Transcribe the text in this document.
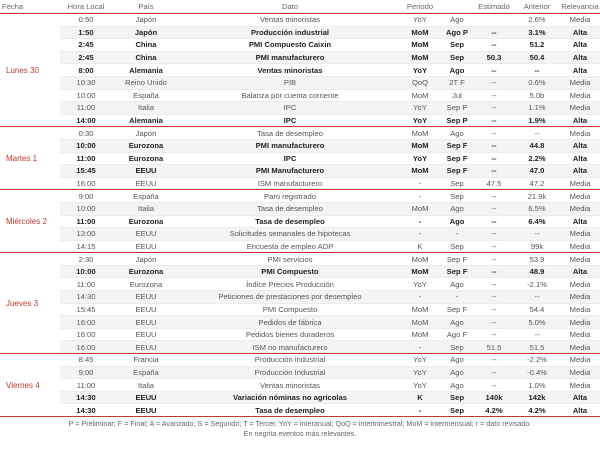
Fecha	Hora Local	País	Dato	Periodo		Estimado	Anterior	Relevancia
Lunes 30	0:50	Japón	Ventas minoristas	YoY	Ago		2.6%	Media
	1:50	Japón	Producción industrial	MoM	Ago P	--	3.1%	Alta
	2:45	China	PMI Compuesto Caixin	MoM	Sep	--	51.2	Alta
	2:45	China	PMI manufacturero	MoM	Sep	50.3	50.4	Alta
	8:00	Alemania	Ventas minoristas	YoY	Ago	--	--	Alta
	10:30	Reino Unido	PIB	QoQ	2T F	--	0.6%	Media
	10:00	España	Balanza por cuenta corriente	MoM	Jul	--	5.0b	Media
	11:00	Italia	IPC	YoY	Sep P	--	1.1%	Media
	14:00	Alemania	IPC	YoY	Sep P	--	1.9%	Alta
Martes 1	0:30	Japón	Tasa de desempleo	MoM	Ago	--	--	Media
	10:00	Eurozona	PMI manufacturero	MoM	Sep F	--	44.8	Alta
	11:00	Eurozona	IPC	YoY	Sep F	--	2.2%	Alta
	15:45	EEUU	PMI Manufacturero	MoM	Sep F	--	47.0	Alta
	16:00	EEUU	ISM manufacturero	-	Sep	47.5	47.2	Media
Miércoles 2	9:00	España	Paro registrado	-	Sep	--	21.9k	Media
	10:00	Italia	Tasa de desempleo	MoM	Ago	--	6.5%	Media
	11:00	Eurozona	Tasa de desempleo	-	Ago	--	6.4%	Alta
	13:00	EEUU	Solicitudes semanales de hipotecas	-	-	--	--	Media
	14:15	EEUU	Encuesta de empleo ADP	K	Sep	--	99k	Media
Jueves 3	2:30	Japón	PMI servicios	MoM	Sep F	--	53.9	Media
	10:00	Eurozona	PMI Compuesto	MoM	Sep F	--	48.9	Alta
	11:00	Eurozona	Índice Precios Producción	YoY	Ago	--	-2.1%	Media
	14:30	EEUU	Peticiones de prestaciones por desempleo	-	-	--	--	Media
	15:45	EEUU	PMI Compuesto	MoM	Sep F	--	54.4	Media
	16:00	EEUU	Pedidos de fábrica	MoM	Ago	--	5.0%	Media
	16:00	EEUU	Pedidos bienes duraderos	MoM	Ago F	--	--	Media
	16:00	EEUU	ISM no manufacturero	-	Sep	51.5	51.5	Media
Viernes 4	8:45	Francia	Producción industrial	YoY	Ago	--	-2.2%	Media
	9:00	España	Producción Industrial	YoY	Ago	--	-0.4%	Media
	11:00	Italia	Ventas minoristas	YoY	Ago	--	1.0%	Media
	14:30	EEUU	Variación nóminas no agrícolas	K	Sep	140k	142k	Alta
	14:30	EEUU	Tasa de desempleo	-	Sep	4.2%	4.2%	Alta
P = Preliminar; F = Final; A = Avanzado; S = Segundo; T = Tercer. YoY = interanual; QoQ = intertrimestral; MoM = intermensual; r = dato revisado.
En negrita eventos más relevantes.
